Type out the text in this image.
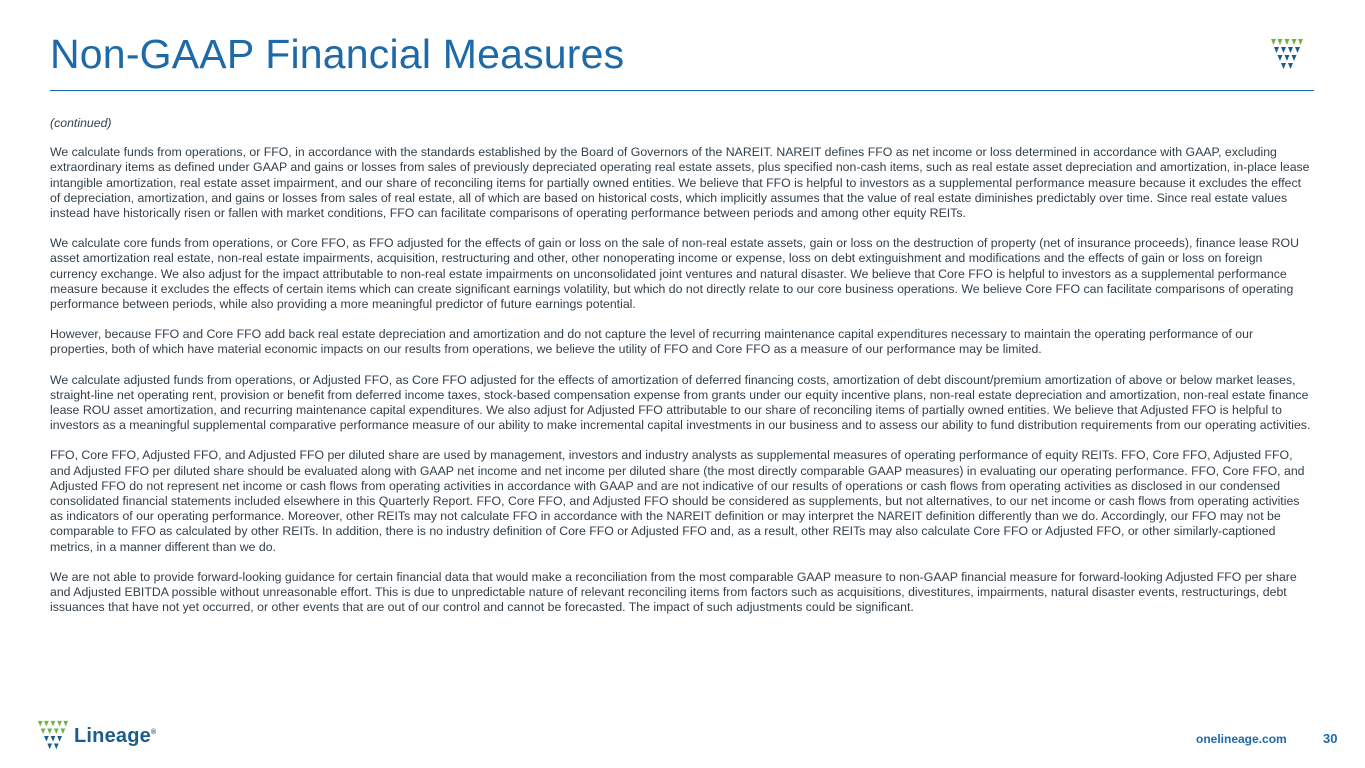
Non-GAAP Financial Measures

(continued)

We calculate funds from operations, or FFO, in accordance with the standards established by the Board of Governors of the NAREIT. NAREIT defines FFO as net income or loss determined in accordance with GAAP, excluding extraordinary items as defined under GAAP and gains or losses from sales of previously depreciated operating real estate assets, plus specified non-cash items, such as real estate asset depreciation and amortization, in-place lease intangible amortization, real estate asset impairment, and our share of reconciling items for partially owned entities. We believe that FFO is helpful to investors as a supplemental performance measure because it excludes the effect of depreciation, amortization, and gains or losses from sales of real estate, all of which are based on historical costs, which implicitly assumes that the value of real estate diminishes predictably over time. Since real estate values instead have historically risen or fallen with market conditions, FFO can facilitate comparisons of operating performance between periods and among other equity REITs.

We calculate core funds from operations, or Core FFO, as FFO adjusted for the effects of gain or loss on the sale of non-real estate assets, gain or loss on the destruction of property (net of insurance proceeds), finance lease ROU asset amortization real estate, non-real estate impairments, acquisition, restructuring and other, other nonoperating income or expense, loss on debt extinguishment and modifications and the effects of gain or loss on foreign currency exchange. We also adjust for the impact attributable to non-real estate impairments on unconsolidated joint ventures and natural disaster. We believe that Core FFO is helpful to investors as a supplemental performance measure because it excludes the effects of certain items which can create significant earnings volatility, but which do not directly relate to our core business operations. We believe Core FFO can facilitate comparisons of operating performance between periods, while also providing a more meaningful predictor of future earnings potential.

However, because FFO and Core FFO add back real estate depreciation and amortization and do not capture the level of recurring maintenance capital expenditures necessary to maintain the operating performance of our properties, both of which have material economic impacts on our results from operations, we believe the utility of FFO and Core FFO as a measure of our performance may be limited.

We calculate adjusted funds from operations, or Adjusted FFO, as Core FFO adjusted for the effects of amortization of deferred financing costs, amortization of debt discount/premium amortization of above or below market leases, straight-line net operating rent, provision or benefit from deferred income taxes, stock-based compensation expense from grants under our equity incentive plans, non-real estate depreciation and amortization, non-real estate finance lease ROU asset amortization, and recurring maintenance capital expenditures. We also adjust for Adjusted FFO attributable to our share of reconciling items of partially owned entities. We believe that Adjusted FFO is helpful to investors as a meaningful supplemental comparative performance measure of our ability to make incremental capital investments in our business and to assess our ability to fund distribution requirements from our operating activities.

FFO, Core FFO, Adjusted FFO, and Adjusted FFO per diluted share are used by management, investors and industry analysts as supplemental measures of operating performance of equity REITs. FFO, Core FFO, Adjusted FFO, and Adjusted FFO per diluted share should be evaluated along with GAAP net income and net income per diluted share (the most directly comparable GAAP measures) in evaluating our operating performance. FFO, Core FFO, and Adjusted FFO do not represent net income or cash flows from operating activities in accordance with GAAP and are not indicative of our results of operations or cash flows from operating activities as disclosed in our condensed consolidated financial statements included elsewhere in this Quarterly Report. FFO, Core FFO, and Adjusted FFO should be considered as supplements, but not alternatives, to our net income or cash flows from operating activities as indicators of our operating performance. Moreover, other REITs may not calculate FFO in accordance with the NAREIT definition or may interpret the NAREIT definition differently than we do. Accordingly, our FFO may not be comparable to FFO as calculated by other REITs. In addition, there is no industry definition of Core FFO or Adjusted FFO and, as a result, other REITs may also calculate Core FFO or Adjusted FFO, or other similarly-captioned metrics, in a manner different than we do.

We are not able to provide forward-looking guidance for certain financial data that would make a reconciliation from the most comparable GAAP measure to non-GAAP financial measure for forward-looking Adjusted FFO per share and Adjusted EBITDA possible without unreasonable effort. This is due to unpredictable nature of relevant reconciling items from factors such as acquisitions, divestitures, impairments, natural disaster events, restructurings, debt issuances that have not yet occurred, or other events that are out of our control and cannot be forecasted. The impact of such adjustments could be significant.

Lineage®	onelineage.com	30
